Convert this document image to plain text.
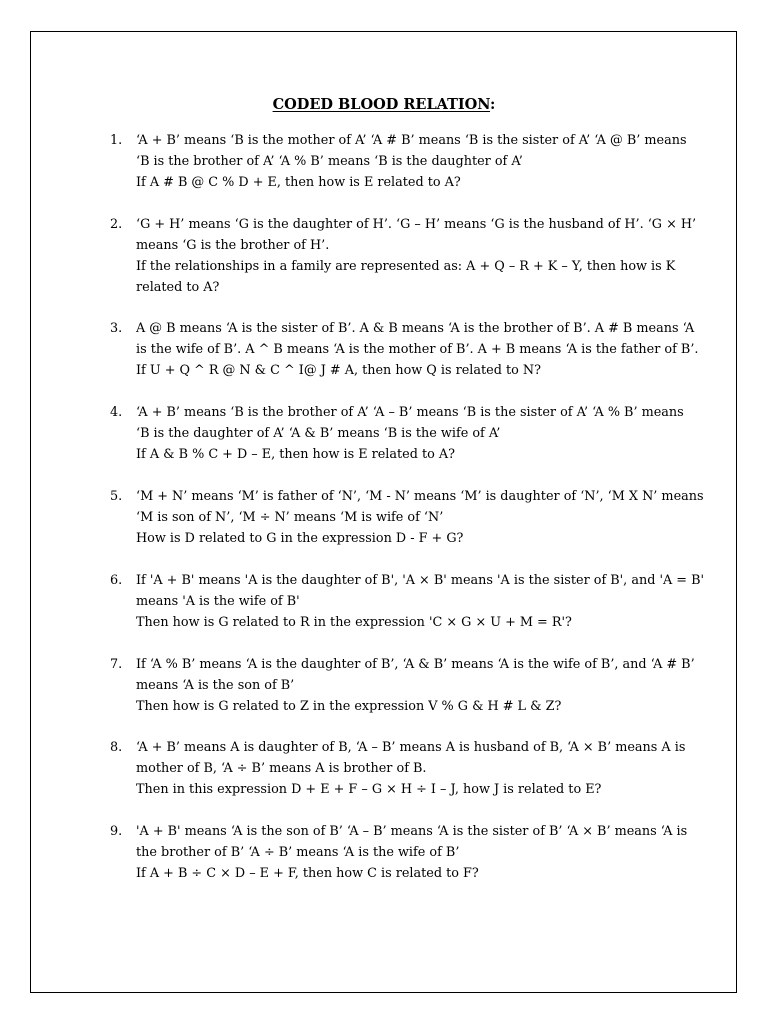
CODED BLOOD RELATION:
1.	‘A + B’ means ‘B is the mother of A’ ‘A # B’ means ‘B is the sister of A’ ‘A @ B’ means
‘B is the brother of A’ ‘A % B’ means ‘B is the daughter of A’
If A # B @ C % D + E, then how is E related to A?
2.	‘G + H’ means ‘G is the daughter of H’. ‘G – H’ means ‘G is the husband of H’. ‘G × H’
means ‘G is the brother of H’.
If the relationships in a family are represented as: A + Q – R + K – Y, then how is K
related to A?
3.	A @ B means ‘A is the sister of B’. A & B means ‘A is the brother of B’. A # B means ‘A
is the wife of B’. A ^ B means ‘A is the mother of B’. A + B means ‘A is the father of B’.
If U + Q ^ R @ N & C ^ I@ J # A, then how Q is related to N?
4.	‘A + B’ means ‘B is the brother of A’ ‘A – B’ means ‘B is the sister of A’ ‘A % B’ means
‘B is the daughter of A’ ‘A & B’ means ‘B is the wife of A’
If A & B % C + D – E, then how is E related to A?
5.	‘M + N’ means ‘M’ is father of ‘N’, ‘M - N’ means ‘M’ is daughter of ‘N’, ‘M X N’ means
‘M is son of N’, ‘M ÷ N’ means ‘M is wife of ‘N’
How is D related to G in the expression D - F + G?
6.	If 'A + B' means 'A is the daughter of B', 'A × B' means 'A is the sister of B', and 'A = B'
means 'A is the wife of B'
Then how is G related to R in the expression 'C × G × U + M = R'?
7.	If ‘A % B’ means ‘A is the daughter of B’, ‘A & B’ means ‘A is the wife of B’, and ‘A # B’
means ‘A is the son of B’
Then how is G related to Z in the expression V % G & H # L & Z?
8.	‘A + B’ means A is daughter of B, ‘A – B’ means A is husband of B, ‘A × B’ means A is
mother of B, ‘A ÷ B’ means A is brother of B.
Then in this expression D + E + F – G × H ÷ I – J, how J is related to E?
9.	'A + B' means ‘A is the son of B’ ‘A – B’ means ‘A is the sister of B’ ‘A × B’ means ‘A is
the brother of B’ ‘A ÷ B’ means ‘A is the wife of B’
If A + B ÷ C × D – E + F, then how C is related to F?
